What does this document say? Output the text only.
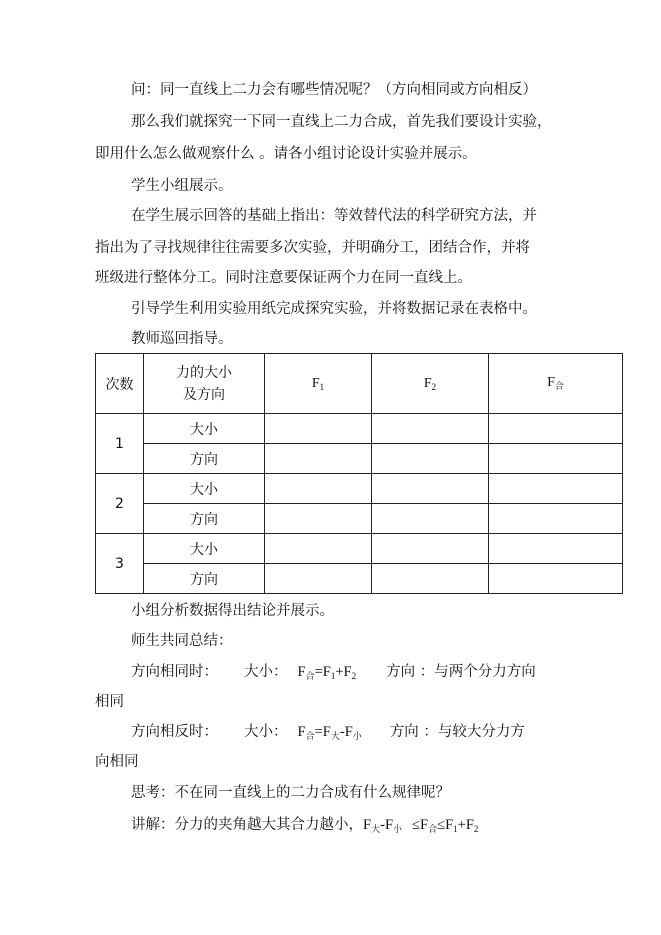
问：同一直线上二力会有哪些情况呢？（方向相同或方向相反）
那么我们就探究一下同一直线上二力合成，首先我们要设计实验，
即用什么怎么做观察什么 。请各小组讨论设计实验并展示。
学生小组展示。
在学生展示回答的基础上指出：等效替代法的科学研究方法，并
指出为了寻找规律往往需要多次实验，并明确分工，团结合作，并将
班级进行整体分工。同时注意要保证两个力在同一直线上。
引导学生利用实验用纸完成探究实验，并将数据记录在表格中。
教师巡回指导。
次数	力的大小
及方向	$F_1$	$F_2$	$F_合$
1	大小			
	方向			
2	大小			
	方向			
3	大小			
	方向			
小组分析数据得出结论并展示。
师生共同总结：
方向相同时： 大小： $F_合=F_1+F_2$ 方向 ：与两个分力方向
相同
方向相反时： 大小： $F_合=F_大-F_小$ 方向 ：与较大分力方
向相同
思考：不在同一直线上的二力合成有什么规律呢？
讲解：分力的夹角越大其合力越小，$F_大-F_小 \le F_合\le F_1+F_2$
